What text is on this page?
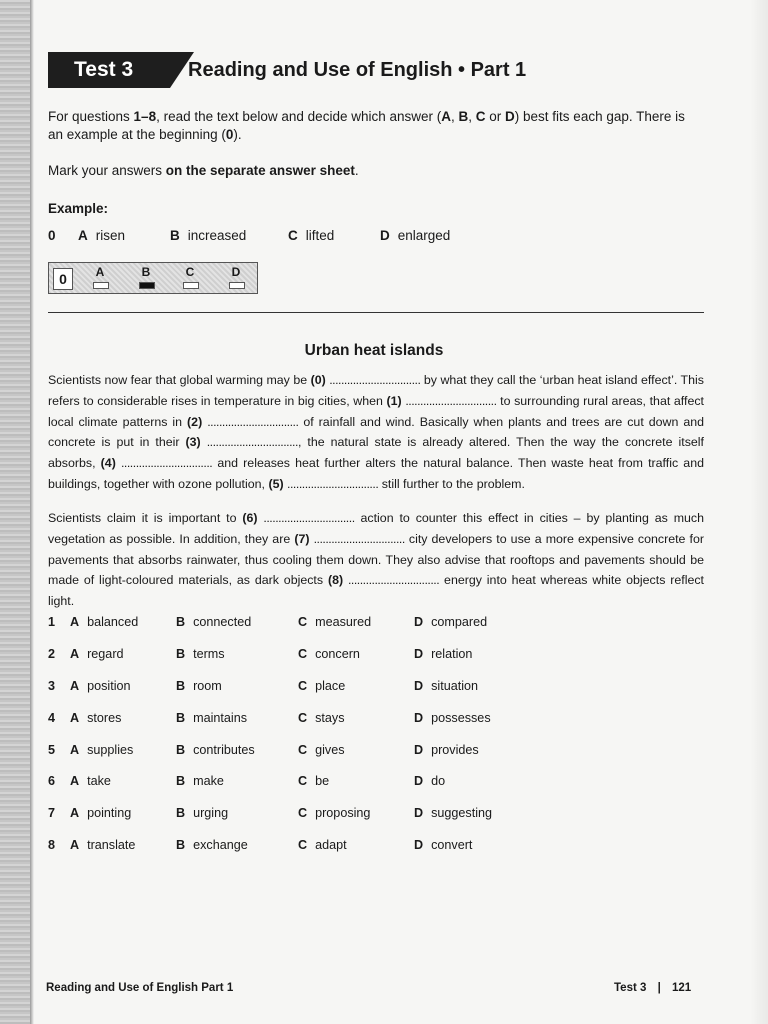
Test 3	Reading and Use of English • Part 1
For questions 1–8, read the text below and decide which answer (A, B, C or D) best fits each gap. There is an example at the beginning (0).
Mark your answers on the separate answer sheet.
Example:
0 A risen	B increased	C lifted	D enlarged
0	A	B	C	D
Urban heat islands
Scientists now fear that global warming may be (0) ............................... by what they call the ‘urban heat island effect’. This refers to considerable rises in temperature in big cities, when (1) ............................... to surrounding rural areas, that affect local climate patterns in (2) ............................... of rainfall and wind. Basically when plants and trees are cut down and concrete is put in their (3) ..............................., the natural state is already altered. Then the way the concrete itself absorbs, (4) ............................... and releases heat further alters the natural balance. Then waste heat from traffic and buildings, together with ozone pollution, (5) ............................... still further to the problem.
Scientists claim it is important to (6) ............................... action to counter this effect in cities – by planting as much vegetation as possible. In addition, they are (7) ............................... city developers to use a more expensive concrete for pavements that absorbs rainwater, thus cooling them down. They also advise that rooftops and pavements should be made of light-coloured materials, as dark objects (8) ............................... energy into heat whereas white objects reflect light.
1 A balanced	B connected	C measured	D compared
2 A regard	B terms	C concern	D relation
3 A position	B room	C place	D situation
4 A stores	B maintains	C stays	D possesses
5 A supplies	B contributes	C gives	D provides
6 A take	B make	C be	D do
7 A pointing	B urging	C proposing	D suggesting
8 A translate	B exchange	C adapt	D convert
Reading and Use of English Part 1	Test 3 | 121
